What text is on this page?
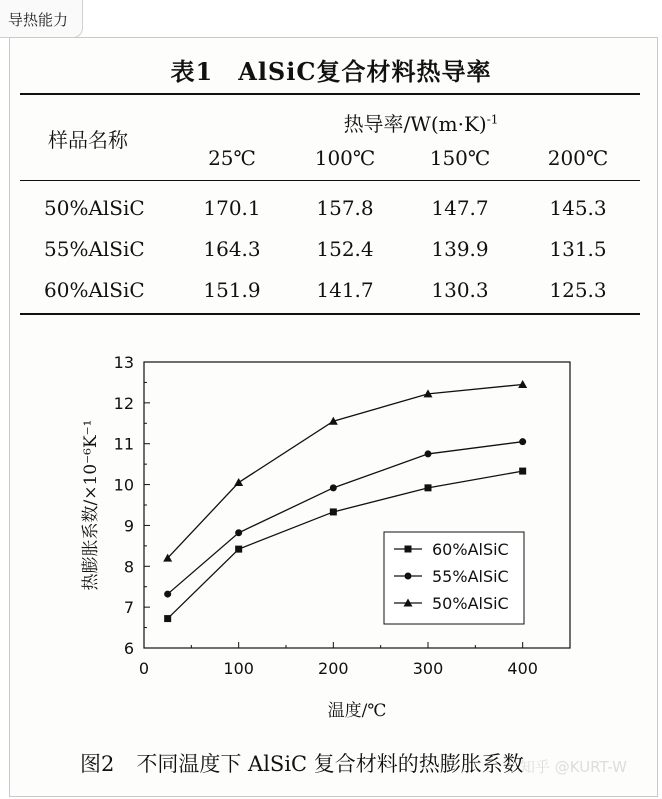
导热能力
表1　AlSiC复合材料热导率
样品名称
热导率$/W(m\cdot K)^{-1}$
25℃	100℃	150℃	200℃
50%AlSiC	170.1	157.8	147.7	145.3
55%AlSiC	164.3	152.4	139.9	131.5
60%AlSiC	151.9	141.7	130.3	125.3
0	100	200	300	400
6
7
8
9
10
11
12
13
温度/℃
热膨胀系数/×10⁻⁶K⁻¹	60%AlSiC
55%AlSiC
50%AlSiC
图2 不同温度下 AlSiC 复合材料的热膨胀系数
知乎 @KURT-W
